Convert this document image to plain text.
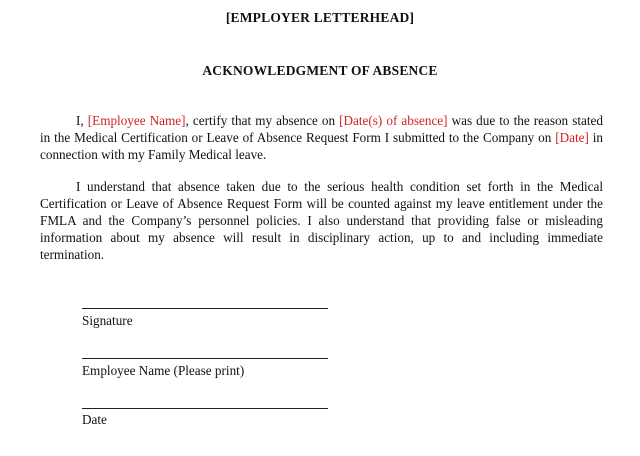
[EMPLOYER LETTERHEAD]
ACKNOWLEDGMENT OF ABSENCE

I, [Employee Name], certify that my absence on [Date(s) of absence] was due to the reason stated in the Medical Certification or Leave of Absence Request Form I submitted to the Company on [Date] in connection with my Family Medical leave.

I understand that absence taken due to the serious health condition set forth in the Medical Certification or Leave of Absence Request Form will be counted against my leave entitlement under the FMLA and the Company’s personnel policies. I also understand that providing false or misleading information about my absence will result in disciplinary action, up to and including immediate termination.

Signature
Employee Name (Please print)
Date
